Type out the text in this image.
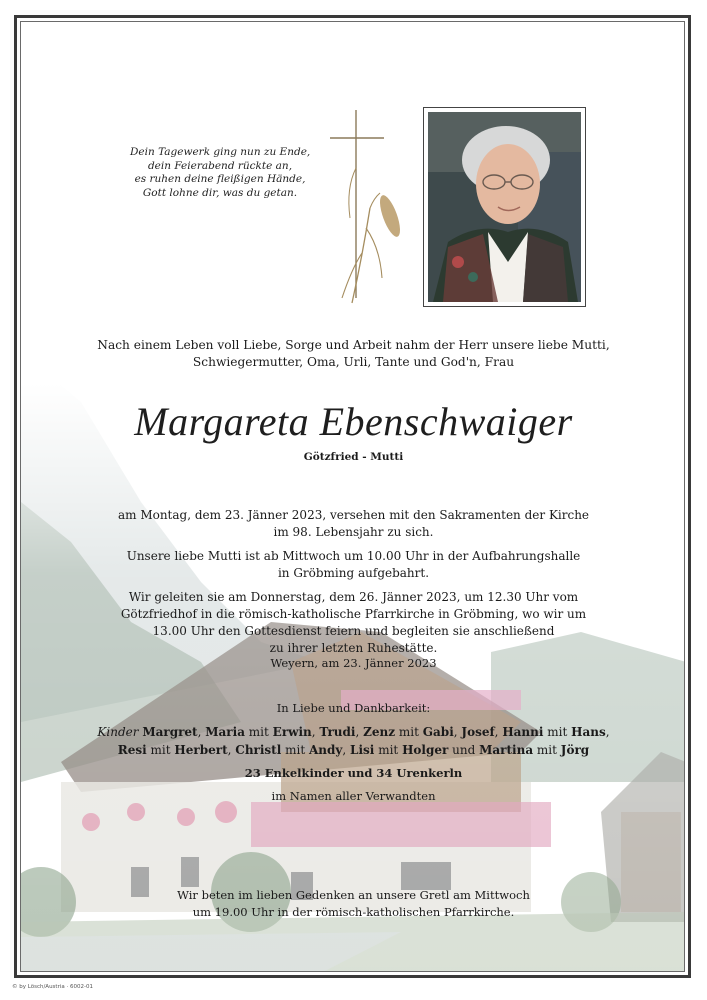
Dein Tagewerk ging nun zu Ende,
dein Feierabend rückte an,
es ruhen deine fleißigen Hände,
Gott lohne dir, was du getan.
Nach einem Leben voll Liebe, Sorge und Arbeit nahm der Herr unsere liebe Mutti,
Schwiegermutter, Oma, Urli, Tante und God'n, Frau
Margareta Ebenschwaiger
Götzfried - Mutti
am Montag, dem 23. Jänner 2023, versehen mit den Sakramenten der Kirche
im 98. Lebensjahr zu sich.
Unsere liebe Mutti ist ab Mittwoch um 10.00 Uhr in der Aufbahrungshalle
in Gröbming aufgebahrt.
Wir geleiten sie am Donnerstag, dem 26. Jänner 2023, um 12.30 Uhr vom
Götzfriedhof in die römisch-katholische Pfarrkirche in Gröbming, wo wir um
13.00 Uhr den Gottesdienst feiern und begleiten sie anschließend
zu ihrer letzten Ruhestätte.
Weyern, am 23. Jänner 2023
In Liebe und Dankbarkeit:
Kinder Margret, Maria mit Erwin, Trudi, Zenz mit Gabi, Josef, Hanni mit Hans,
Resi mit Herbert, Christl mit Andy, Lisi mit Holger und Martina mit Jörg
23 Enkelkinder und 34 Urenkerln
im Namen aller Verwandten
Wir beten im lieben Gedenken an unsere Gretl am Mittwoch
um 19.00 Uhr in der römisch-katholischen Pfarrkirche.
© by Lösch/Austria · 6002-01
